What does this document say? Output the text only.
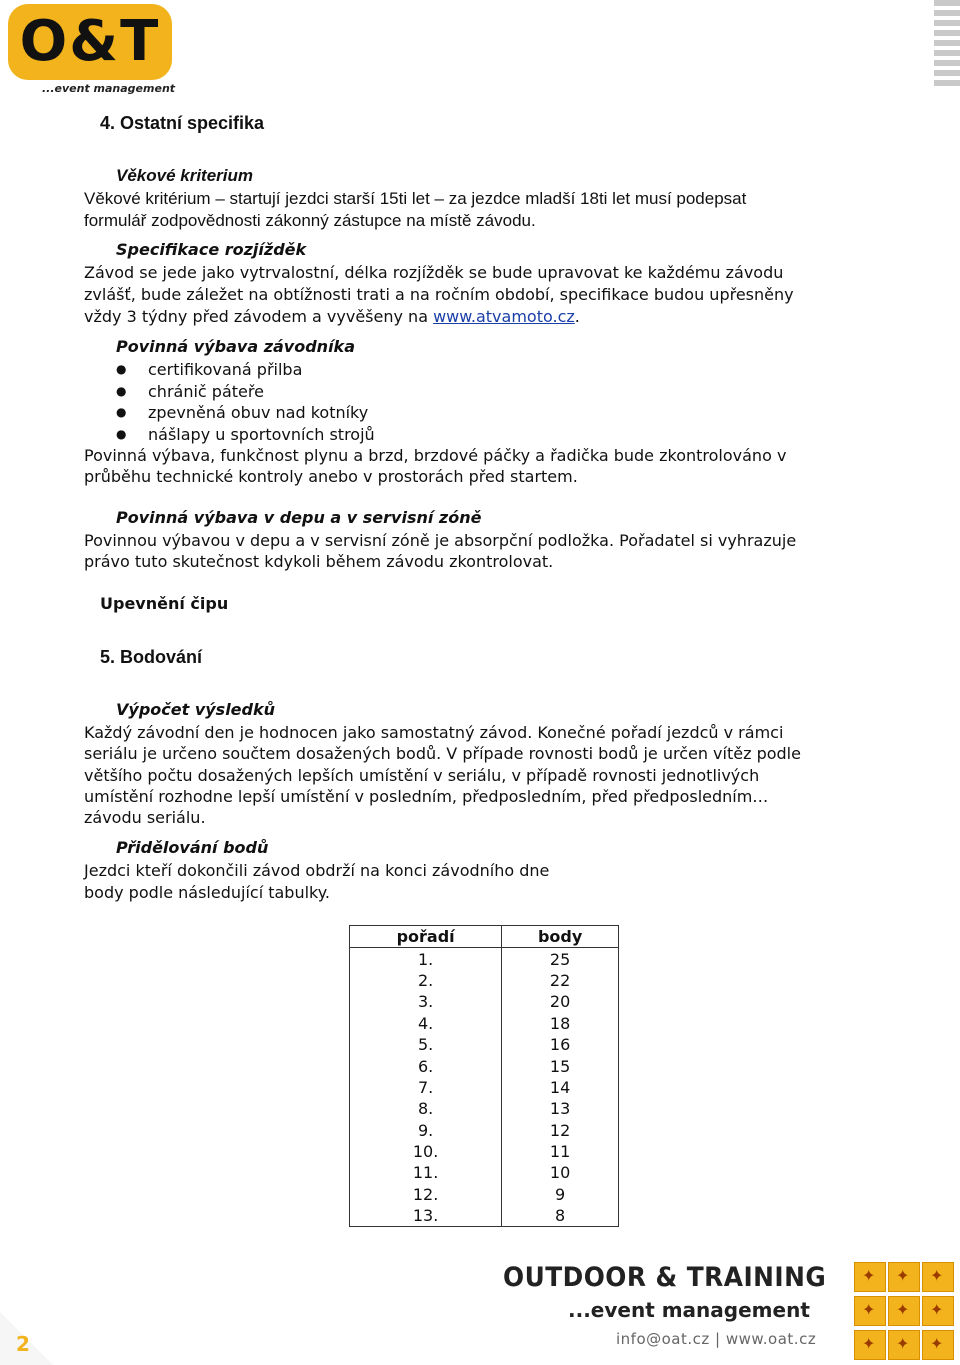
O&T
...event management
4. Ostatní specifika
Věkové kriterium
Věkové kritérium – startují jezdci starší 15ti let – za jezdce mladší 18ti let musí podepsat
formulář zodpovědnosti zákonný zástupce na místě závodu.
Specifikace rozjížděk
Závod se jede jako vytrvalostní, délka rozjížděk se bude upravovat ke každému závodu
zvlášť, bude záležet na obtížnosti trati a na ročním období, specifikace budou upřesněny
vždy 3 týdny před závodem a vyvěšeny na www.atvamoto.cz.
Povinná výbava závodníka
● certifikovaná přilba
● chránič páteře
● zpevněná obuv nad kotníky
● nášlapy u sportovních strojů
Povinná výbava, funkčnost plynu a brzd, brzdové páčky a řadička bude zkontrolováno v
průběhu technické kontroly anebo v prostorách před startem.
Povinná výbava v depu a v servisní zóně
Povinnou výbavou v depu a v servisní zóně je absorpční podložka. Pořadatel si vyhrazuje
právo tuto skutečnost kdykoli během závodu zkontrolovat.
Upevnění čipu
5. Bodování
Výpočet výsledků
Každý závodní den je hodnocen jako samostatný závod. Konečné pořadí jezdců v rámci
seriálu je určeno součtem dosažených bodů. V případe rovnosti bodů je určen vítěz podle
většího počtu dosažených lepších umístění v seriálu, v případě rovnosti jednotlivých
umístění rozhodne lepší umístění v posledním, předposledním, před předposledním…
závodu seriálu.
Přidělování bodů
Jezdci kteří dokončili závod obdrží na konci závodního dne
body podle následující tabulky.
pořadí	body
1.	25
2.	22
3.	20
4.	18
5.	16
6.	15
7.	14
8.	13
9.	12
10.	11
11.	10
12.	9
13.	8
2
OUTDOOR & TRAINING
...event management
info@oat.cz | www.oat.cz
✦ ✦ ✦
✦ ✦ ✦
✦ ✦ ✦
